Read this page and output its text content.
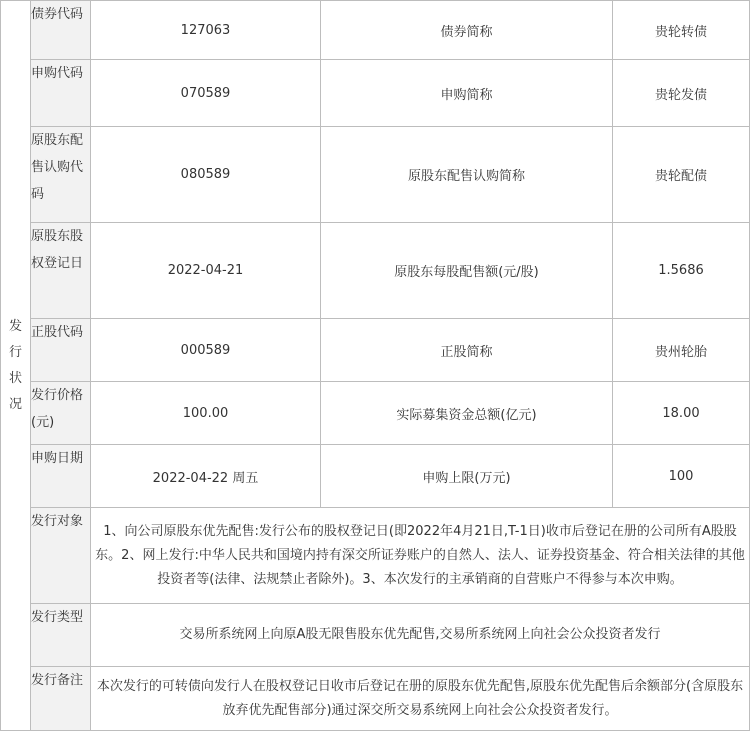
发行状况	债券代码	127063	债券简称	贵轮转债
	申购代码	070589	申购简称	贵轮发债
	原股东配售认购代码	080589	原股东配售认购简称	贵轮配债
	原股东股权登记日	2022-04-21	原股东每股配售额(元/股)	1.5686
	正股代码	000589	正股简称	贵州轮胎
	发行价格(元)	100.00	实际募集资金总额(亿元)	18.00
	申购日期	2022-04-22 周五	申购上限(万元)	100
	发行对象	1、向公司原股东优先配售:发行公布的股权登记日(即2022年4月21日,T-1日)收市后登记在册的公司所有A股股东。2、网上发行:中华人民共和国境内持有深交所证券账户的自然人、法人、证券投资基金、符合相关法律的其他投资者等(法律、法规禁止者除外)。3、本次发行的主承销商的自营账户不得参与本次申购。		
	发行类型	交易所系统网上向原A股无限售股东优先配售,交易所系统网上向社会公众投资者发行		
	发行备注	本次发行的可转债向发行人在股权登记日收市后登记在册的原股东优先配售,原股东优先配售后余额部分(含原股东放弃优先配售部分)通过深交所交易系统网上向社会公众投资者发行。		
